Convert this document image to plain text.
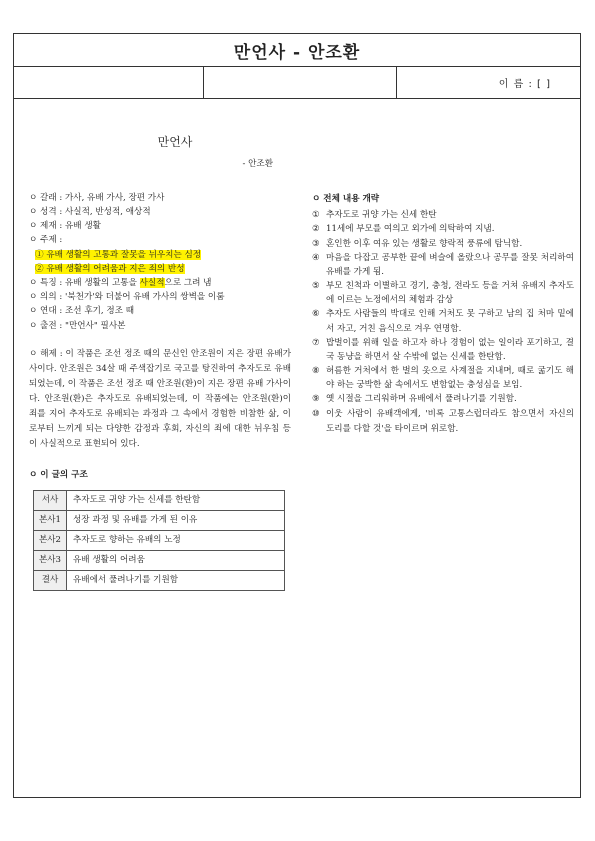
만언사 - 안조환
이 름 : [ ]
만언사
- 안조환
ㅇ 갈래 : 가사, 유배 가사, 장편 가사
ㅇ 성격 : 사실적, 반성적, 애상적
ㅇ 제재 : 유배 생활
ㅇ 주제 :
① 유배 생활의 고통과 잘못을 뉘우치는 심정
② 유배 생활의 어려움과 지은 죄의 반성
ㅇ 특징 : 유배 생활의 고통을 사실적으로 그려 냄
ㅇ 의의 : '북천가'와 더불어 유배 가사의 쌍벽을 이룸
ㅇ 연대 : 조선 후기, 정조 때
ㅇ 출전 : "만언사" 필사본
ㅇ 해제 : 이 작품은 조선 정조 때의 문신인 안조원이 지은 장편 유배가사이다. 안조원은 34살 때 주색잡기로 국고를 탕진하여 추자도로 유배되었는데, 이 작품은 조선 정조 때 안조원(환)이 지은 장편 유배 가사이다. 안조원(환)은 추자도로 유배되었는데, 이 작품에는 안조원(환)이 죄를 지어 추자도로 유배되는 과정과 그 속에서 경험한 비참한 삶, 이로부터 느끼게 되는 다양한 감정과 후회, 자신의 죄에 대한 뉘우침 등이 사실적으로 표현되어 있다.
ㅇ 이 글의 구조
서사	추자도로 귀양 가는 신세를 한탄함
본사1	성장 과정 및 유배를 가게 된 이유
본사2	추자도로 향하는 유배의 노정
본사3	유배 생활의 어려움
결사	유배에서 풀려나기를 기원함
ㅇ 전체 내용 개략
① 추자도로 귀양 가는 신세 한탄
② 11세에 부모를 여의고 외가에 의탁하여 지냄.
③ 혼인한 이후 여유 있는 생활로 향락적 풍류에 탐닉함.
④ 마음을 다잡고 공부한 끝에 벼슬에 올랐으나 공무를 잘못 처리하여 유배를 가게 됨.
⑤ 부모 친척과 이별하고 경기, 충청, 전라도 등을 거쳐 유배지 추자도에 이르는 노정에서의 체험과 감상
⑥ 추자도 사람들의 박대로 인해 거처도 못 구하고 남의 집 처마 밑에서 자고, 거친 음식으로 겨우 연명함.
⑦ 밥벌이를 위해 일을 하고자 하나 경험이 없는 일이라 포기하고, 결국 동냥을 하면서 살 수밖에 없는 신세를 한탄함.
⑧ 허름한 거처에서 한 벌의 옷으로 사계절을 지내며, 때로 굶기도 해야 하는 궁박한 삶 속에서도 변함없는 충성심을 보임.
⑨ 옛 시절을 그리워하며 유배에서 풀려나기를 기원함.
⑩ 이웃 사람이 유배객에게, '비록 고통스럽더라도 참으면서 자신의 도리를 다할 것'을 타이르며 위로함.
